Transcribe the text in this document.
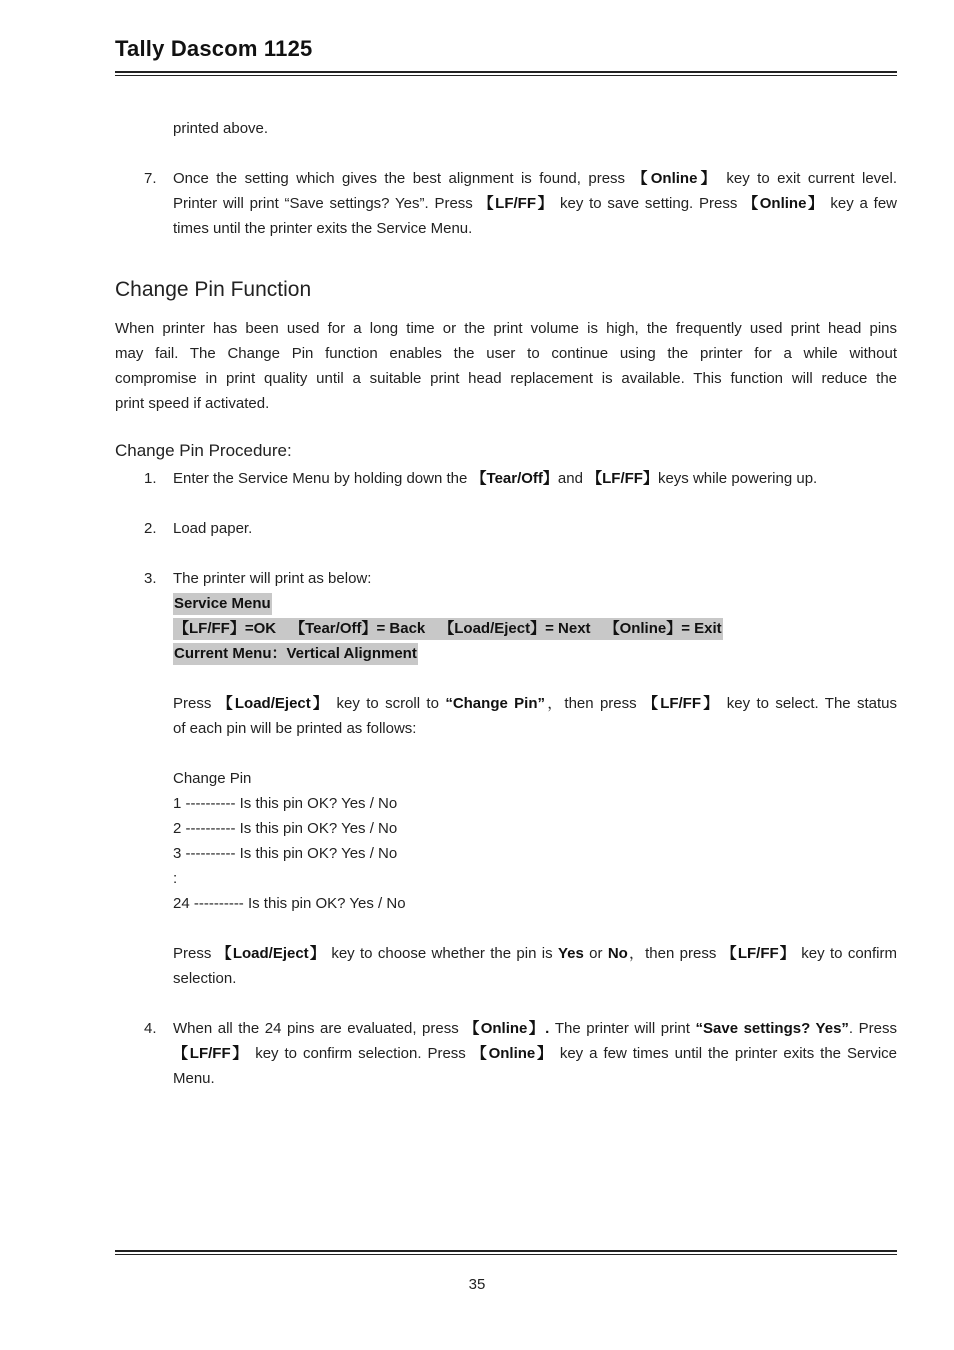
Tally Dascom 1125
printed above.
7. Once the setting which gives the best alignment is found, press 【Online】 key to exit current level.
Printer will print “Save settings? Yes”. Press 【LF/FF】 key to save setting. Press 【Online】 key a few
times until the printer exits the Service Menu.
Change Pin Function
When printer has been used for a long time or the print volume is high, the frequently used print head pins
may fail. The Change Pin function enables the user to continue using the printer for a while without
compromise in print quality until a suitable print head replacement is available. This function will reduce the
print speed if activated.
Change Pin Procedure:
1. Enter the Service Menu by holding down the 【Tear/Off】and 【LF/FF】keys while powering up.
2. Load paper.
3. The printer will print as below:
Service Menu
【LF/FF】=OK 【Tear/Off】= Back 【Load/Eject】= Next 【Online】= Exit
Current Menu：Vertical Alignment
Press 【Load/Eject】 key to scroll to “Change Pin”，then press 【LF/FF】 key to select. The status
of each pin will be printed as follows:
Change Pin
1 ---------- Is this pin OK? Yes / No
2 ---------- Is this pin OK? Yes / No
3 ---------- Is this pin OK? Yes / No
:
24 ---------- Is this pin OK? Yes / No
Press 【Load/Eject】 key to choose whether the pin is Yes or No，then press 【LF/FF】 key to confirm
selection.
4. When all the 24 pins are evaluated, press 【Online】. The printer will print “Save settings? Yes”. Press
【LF/FF】 key to confirm selection. Press 【Online】 key a few times until the printer exits the Service
Menu.
35
